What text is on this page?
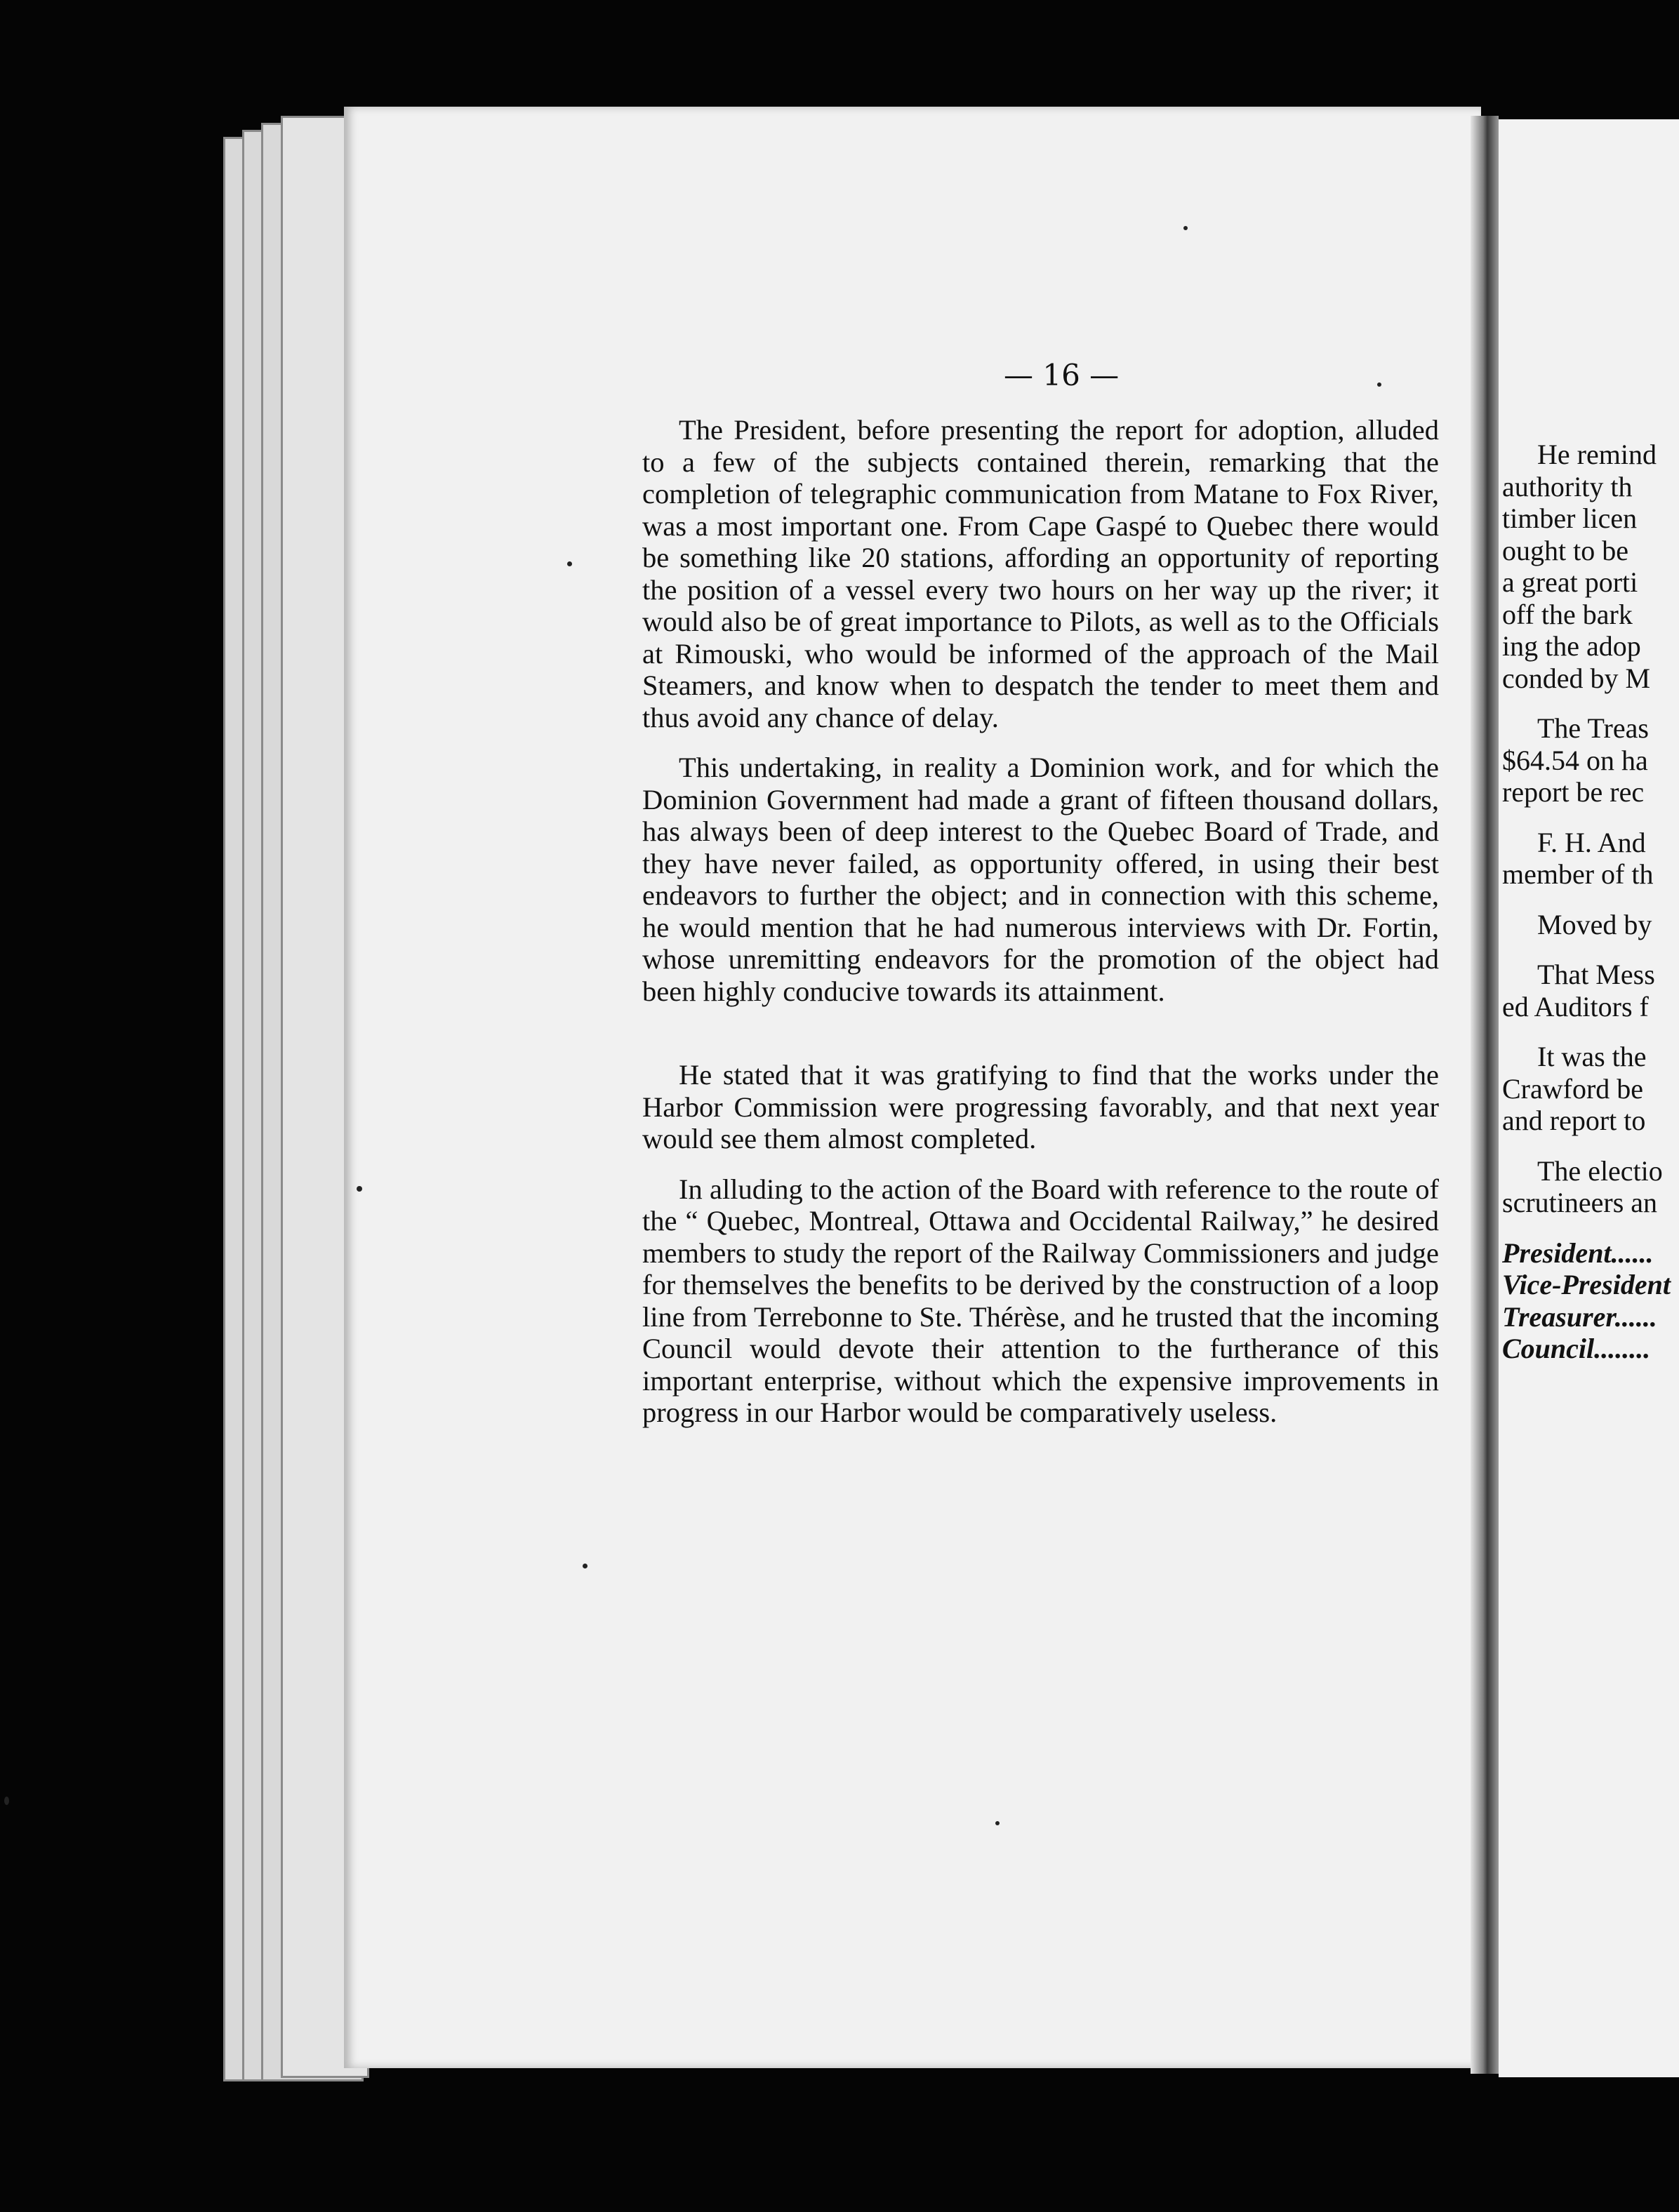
— 16 —

The President, before presenting the report for adoption, alluded to a few of the subjects contained therein, remarking that the completion of telegraphic communication from Matane to Fox River, was a most important one. From Cape Gaspé to Quebec there would be something like 20 stations, affording an opportunity of reporting the position of a vessel every two hours on her way up the river; it would also be of great importance to Pilots, as well as to the Officials at Rimouski, who would be informed of the approach of the Mail Steamers, and know when to despatch the tender to meet them and thus avoid any chance of delay.

This undertaking, in reality a Dominion work, and for which the Dominion Government had made a grant of fifteen thousand dollars, has always been of deep interest to the Quebec Board of Trade, and they have never failed, as opportunity offered, in using their best endeavors to further the object; and in connection with this scheme, he would mention that he had numerous interviews with Dr. Fortin, whose unremitting endeavors for the promotion of the object had been highly conducive towards its attainment.

He stated that it was gratifying to find that the works under the Harbor Commission were progressing favorably, and that next year would see them almost completed.

In alluding to the action of the Board with reference to the route of the “ Quebec, Montreal, Ottawa and Occidental Railway,” he desired members to study the report of the Railway Commissioners and judge for themselves the benefits to be derived by the construction of a loop line from Terrebonne to Ste. Thérèse, and he trusted that the incoming Council would devote their attention to the furtherance of this important enterprise, without which the expensive improvements in progress in our Harbor would be comparatively useless.

He remind
authority th
timber licen
ought to be
a great porti
off the bark
ing the adop
conded by M
The Treas
$64.54 on ha
report be rec
F. H. And
member of th
Moved by
That Mess
ed Auditors f
It was the
Crawford be
and report to
The electio
scrutineers an
President......
Vice-President
Treasurer......
Council........
